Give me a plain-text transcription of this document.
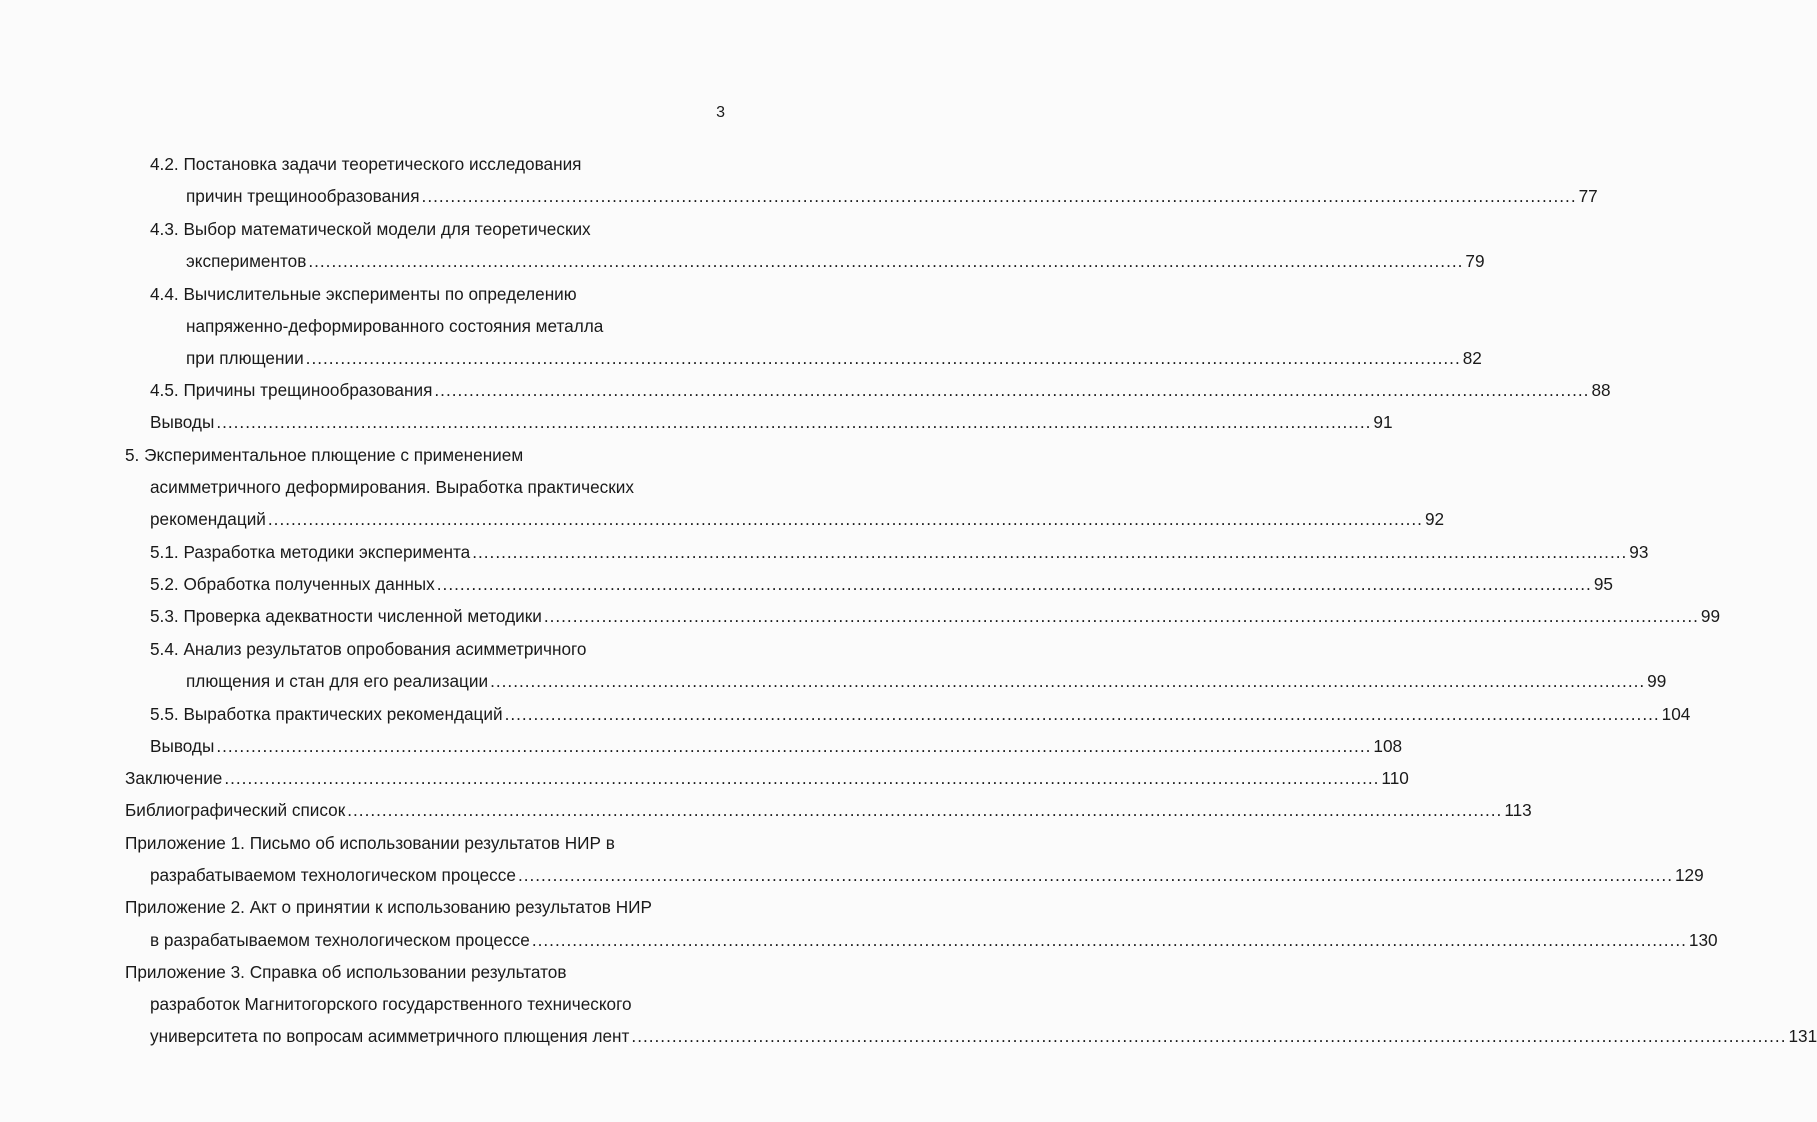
3
4.2. Постановка задачи теоретического исследования
причин трещинообразования ........................................................................................................................................................................................................ 77
4.3. Выбор математической модели для теоретических
экспериментов ........................................................................................................................................................................................................ 79
4.4. Вычислительные эксперименты по определению
напряженно-деформированного состояния металла
при плющении ........................................................................................................................................................................................................ 82
4.5. Причины трещинообразования ........................................................................................................................................................................................................ 88
Выводы ........................................................................................................................................................................................................ 91
5. Экспериментальное плющение с применением
асимметричного деформирования. Выработка практических
рекомендаций ........................................................................................................................................................................................................ 92
5.1. Разработка методики эксперимента ........................................................................................................................................................................................................ 93
5.2. Обработка полученных данных ........................................................................................................................................................................................................ 95
5.3. Проверка адекватности численной методики ........................................................................................................................................................................................................ 99
5.4. Анализ результатов опробования асимметричного
плющения и стан для его реализации ........................................................................................................................................................................................................ 99
5.5. Выработка практических рекомендаций ........................................................................................................................................................................................................ 104
Выводы ........................................................................................................................................................................................................ 108
Заключение ........................................................................................................................................................................................................ 110
Библиографический список ........................................................................................................................................................................................................ 113
Приложение 1. Письмо об использовании результатов НИР в
разрабатываемом технологическом процессе ........................................................................................................................................................................................................ 129
Приложение 2. Акт о принятии к использованию результатов НИР
в разрабатываемом технологическом процессе ........................................................................................................................................................................................................ 130
Приложение 3. Справка об использовании результатов
разработок Магнитогорского государственного технического
университета по вопросам асимметричного плющения лент ........................................................................................................................................................................................................ 131
